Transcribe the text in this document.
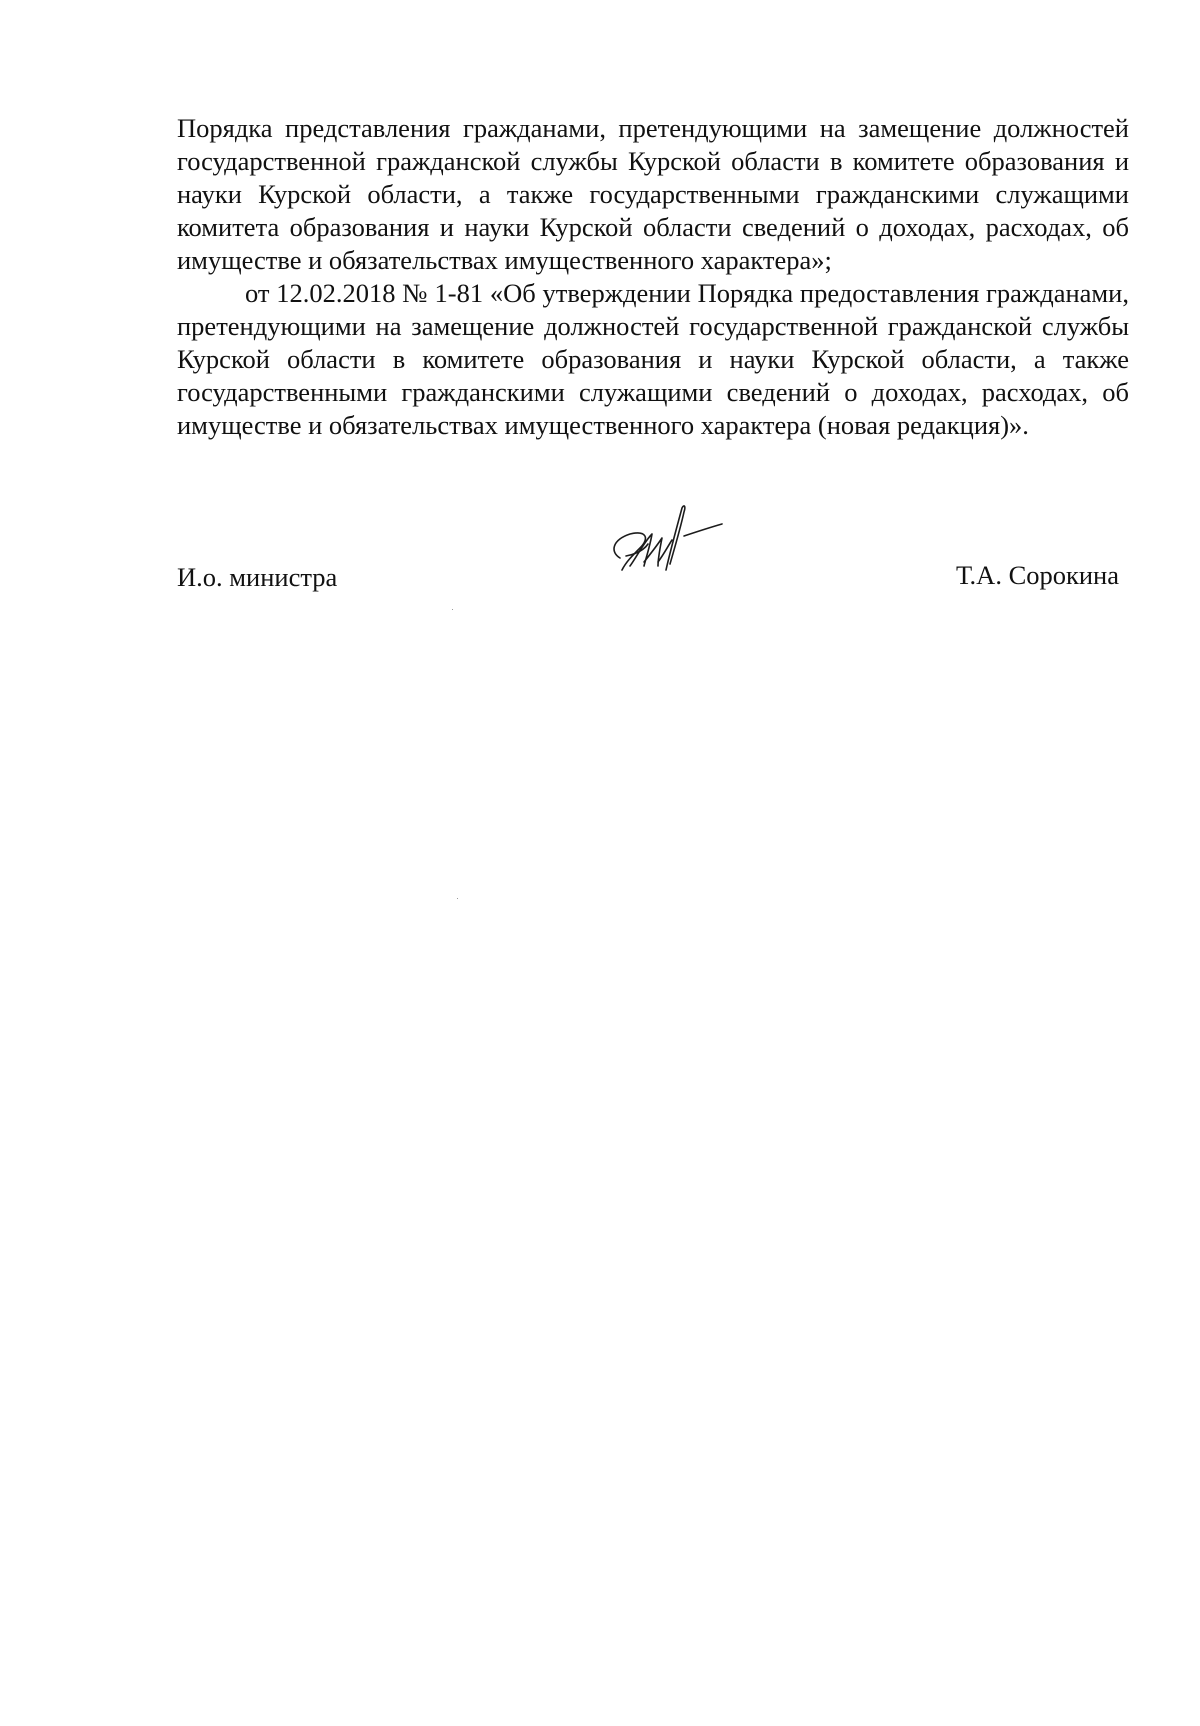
Порядка представления гражданами, претендующими на замещение должностей государственной гражданской службы Курской области в комитете образования и науки Курской области, а также государственными гражданскими служащими комитета образования и науки Курской области сведений о доходах, расходах, об имуществе и обязательствах имущественного характера»;

от 12.02.2018 № 1-81 «Об утверждении Порядка предоставления гражданами, претендующими на замещение должностей государственной гражданской службы Курской области в комитете образования и науки Курской области, а также государственными гражданскими служащими сведений о доходах, расходах, об имуществе и обязательствах имущественного характера (новая редакция)».

И.о. министра	Т.А. Сорокина
